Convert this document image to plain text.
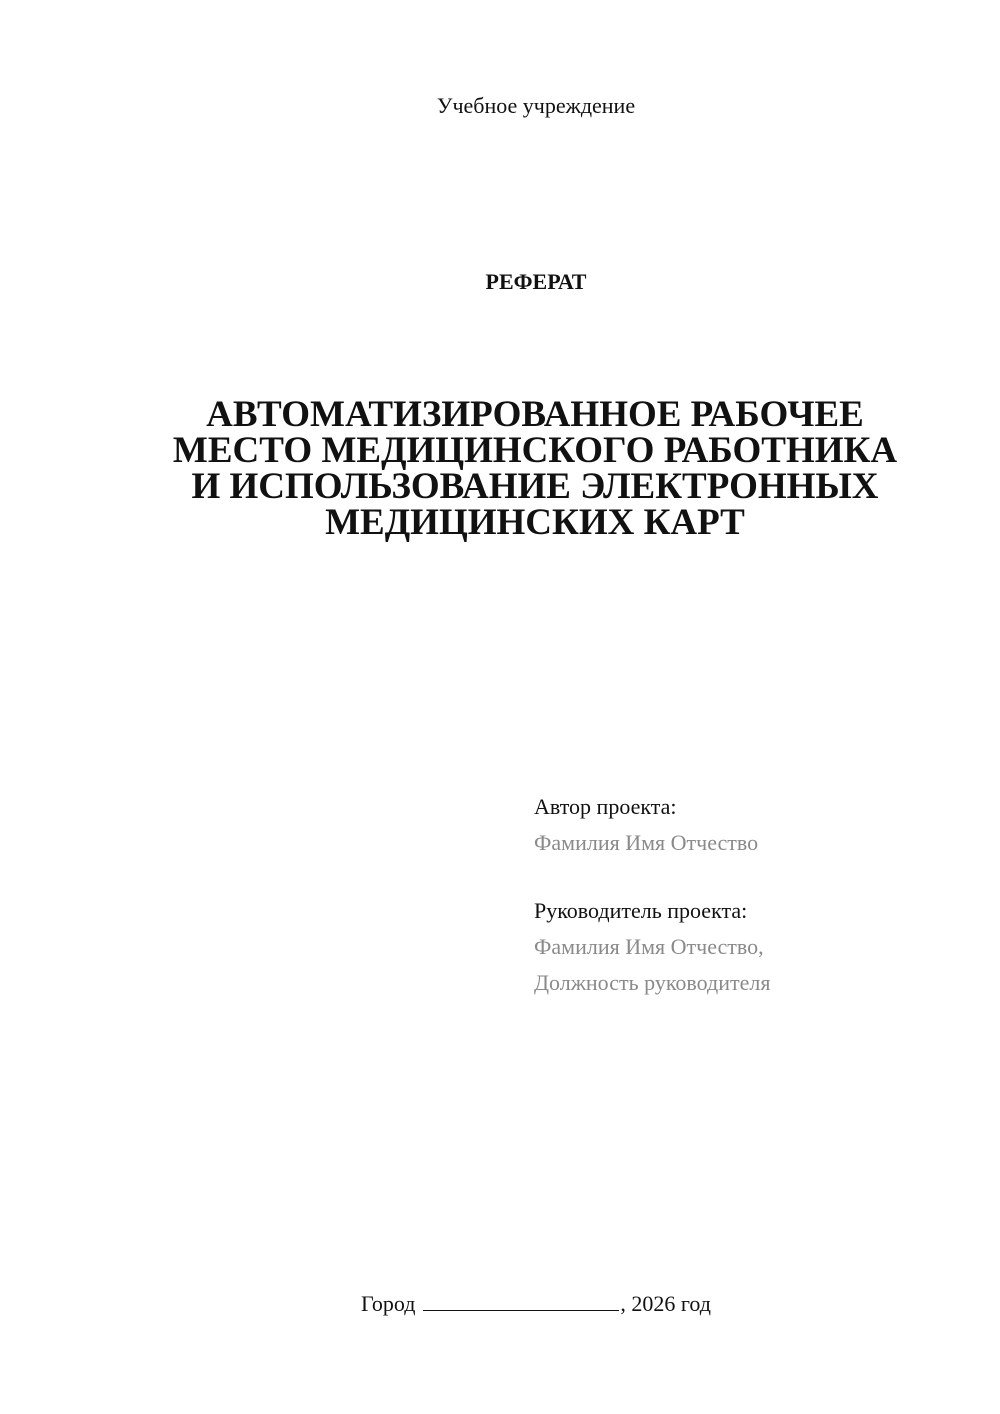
Учебное учреждение
РЕФЕРАТ
АВТОМАТИЗИРОВАННОЕ РАБОЧЕЕ
МЕСТО МЕДИЦИНСКОГО РАБОТНИКА
И ИСПОЛЬЗОВАНИЕ ЭЛЕКТРОННЫХ
МЕДИЦИНСКИХ КАРТ
Автор проекта:
Фамилия Имя Отчество
Руководитель проекта:
Фамилия Имя Отчество,
Должность руководителя
Город	, 2026 год
